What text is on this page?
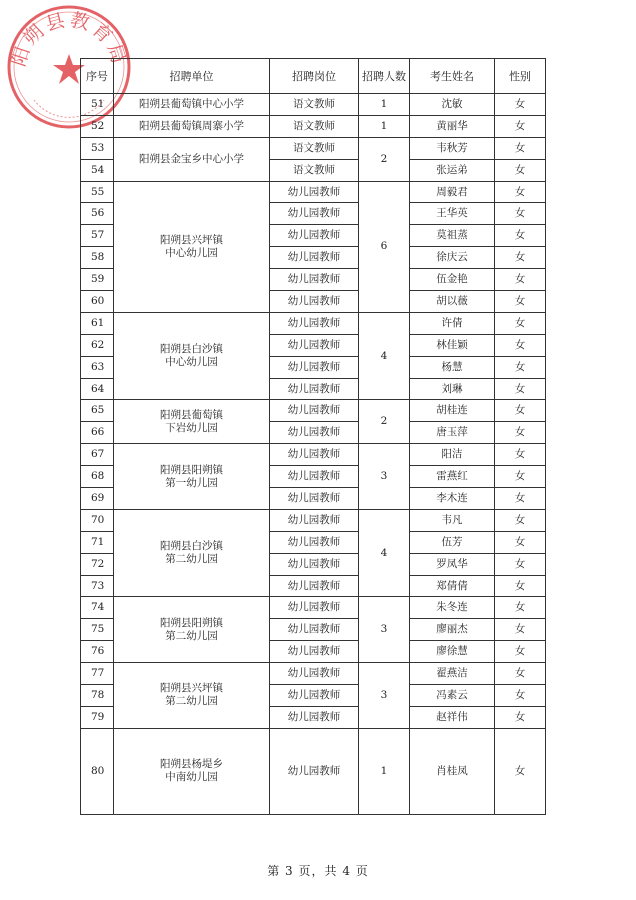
阳朔县教育局
序号	招聘单位	招聘岗位	招聘人数	考生姓名	性别
51	阳朔县葡萄镇中心小学	语文教师	1	沈敏	女
52	阳朔县葡萄镇周寨小学	语文教师	1	黄丽华	女
53	阳朔县金宝乡中心小学	语文教师	2	韦秋芳	女
54		语文教师		张运弟	女
55	阳朔县兴坪镇
中心幼儿园	幼儿园教师	6	周毅君	女
56		幼儿园教师		王华英	女
57		幼儿园教师		莫祖蒸	女
58		幼儿园教师		徐庆云	女
59		幼儿园教师		伍金艳	女
60		幼儿园教师		胡以薇	女
61	阳朔县白沙镇
中心幼儿园	幼儿园教师	4	许倩	女
62		幼儿园教师		林佳颖	女
63		幼儿园教师		杨慧	女
64		幼儿园教师		刘琳	女
65	阳朔县葡萄镇
下岩幼儿园	幼儿园教师	2	胡桂连	女
66		幼儿园教师		唐玉萍	女
67	阳朔县阳朔镇
第一幼儿园	幼儿园教师	3	阳洁	女
68		幼儿园教师		雷燕红	女
69		幼儿园教师		李木连	女
70	阳朔县白沙镇
第二幼儿园	幼儿园教师	4	韦凡	女
71		幼儿园教师		伍芳	女
72		幼儿园教师		罗凤华	女
73		幼儿园教师		郑倩倩	女
74	阳朔县阳朔镇
第二幼儿园	幼儿园教师	3	朱冬连	女
75		幼儿园教师		廖丽杰	女
76		幼儿园教师		廖徐慧	女
77	阳朔县兴坪镇
第二幼儿园	幼儿园教师	3	翟燕洁	女
78		幼儿园教师		冯素云	女
79		幼儿园教师		赵祥伟	女
80	阳朔县杨堤乡
中南幼儿园	幼儿园教师	1	肖桂凤	女
第 3 页，共 4 页
